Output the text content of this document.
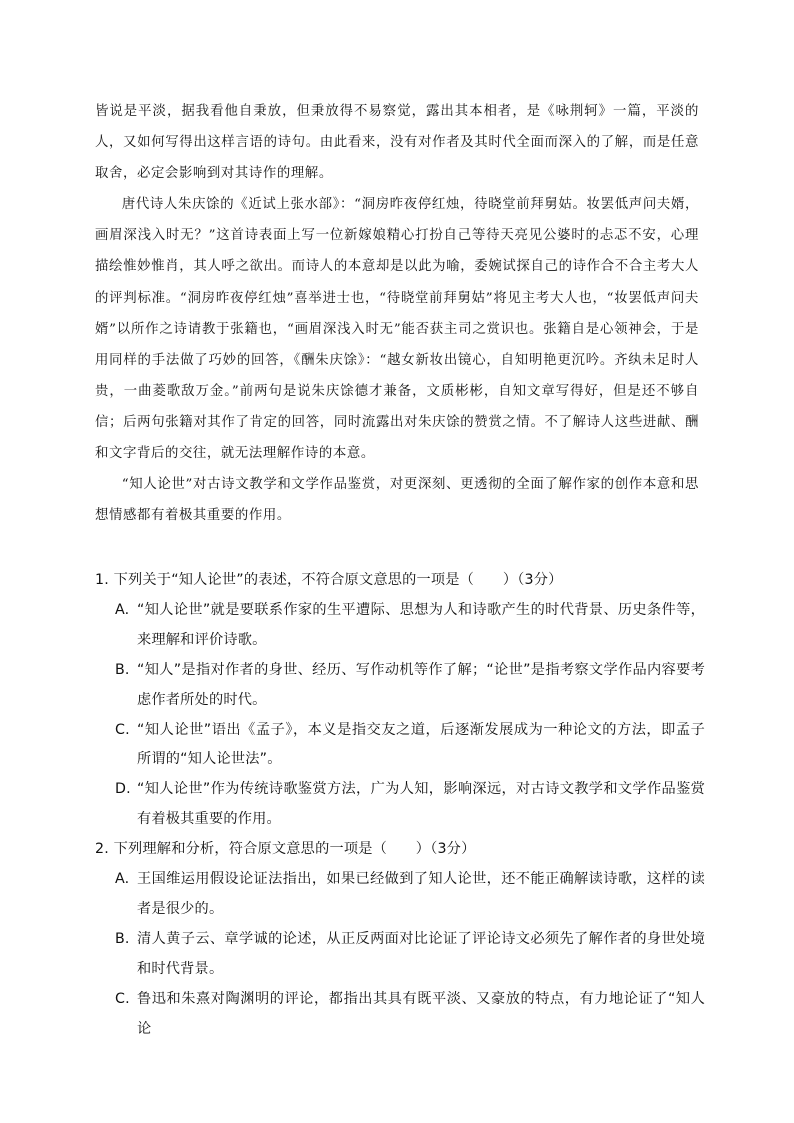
皆说是平淡，据我看他自秉放，但秉放得不易察觉，露出其本相者，是《咏荆轲》一篇，平淡的人，又如何写得出这样言语的诗句。由此看来，没有对作者及其时代全面而深入的了解，而是任意取舍，必定会影响到对其诗作的理解。

唐代诗人朱庆馀的《近试上张水部》：“洞房昨夜停红烛，待晓堂前拜舅姑。妆罢低声问夫婿，画眉深浅入时无？”这首诗表面上写一位新嫁娘精心打扮自己等待天亮见公婆时的忐忑不安，心理描绘惟妙惟肖，其人呼之欲出。而诗人的本意却是以此为喻，委婉试探自己的诗作合不合主考大人的评判标准。“洞房昨夜停红烛”喜举进士也，“待晓堂前拜舅姑”将见主考大人也，“妆罢低声问夫婿”以所作之诗请教于张籍也，“画眉深浅入时无”能否获主司之赏识也。张籍自是心领神会，于是用同样的手法做了巧妙的回答，《酬朱庆馀》：“越女新妆出镜心，自知明艳更沉吟。齐纨未足时人贵，一曲菱歌敌万金。”前两句是说朱庆馀德才兼备，文质彬彬，自知文章写得好，但是还不够自信；后两句张籍对其作了肯定的回答，同时流露出对朱庆馀的赞赏之情。不了解诗人这些进献、酬和文字背后的交往，就无法理解作诗的本意。

“知人论世”对古诗文教学和文学作品鉴赏，对更深刻、更透彻的全面了解作家的创作本意和思想情感都有着极其重要的作用。

1. 下列关于“知人论世”的表述，不符合原文意思的一项是（　　）（3分）

A. “知人论世”就是要联系作家的生平遭际、思想为人和诗歌产生的时代背景、历史条件等，来理解和评价诗歌。
B. “知人”是指对作者的身世、经历、写作动机等作了解；“论世”是指考察文学作品内容要考虑作者所处的时代。
C. “知人论世”语出《孟子》，本义是指交友之道，后逐渐发展成为一种论文的方法，即孟子所谓的“知人论世法”。
D. “知人论世”作为传统诗歌鉴赏方法，广为人知，影响深远，对古诗文教学和文学作品鉴赏有着极其重要的作用。

2. 下列理解和分析，符合原文意思的一项是（　　）（3分）

A. 王国维运用假设论证法指出，如果已经做到了知人论世，还不能正确解读诗歌，这样的读者是很少的。
B. 清人黄子云、章学诚的论述，从正反两面对比论证了评论诗文必须先了解作者的身世处境和时代背景。
C. 鲁迅和朱熹对陶渊明的评论，都指出其具有既平淡、又豪放的特点，有力地论证了“知人论
